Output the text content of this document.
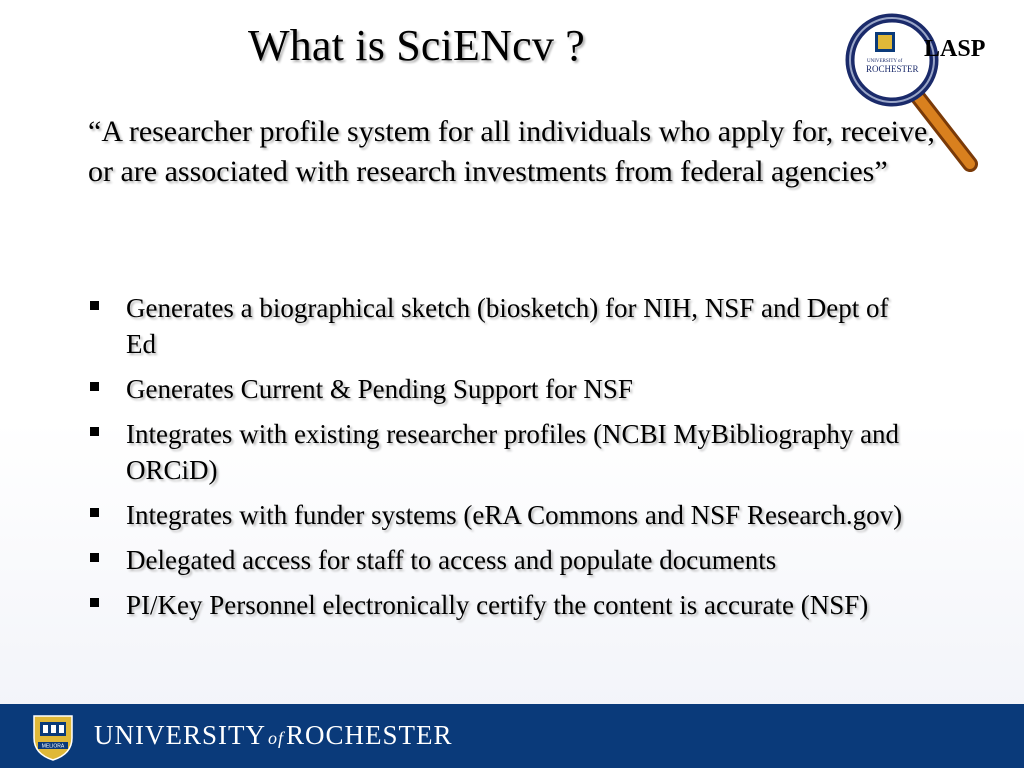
What is SciENcv ?
“A researcher profile system for all individuals who apply for, receive, or are associated with research investments from federal agencies”
Generates a biographical sketch (biosketch) for NIH, NSF and Dept of Ed
Generates Current & Pending Support for NSF
Integrates with existing researcher profiles (NCBI MyBibliography and ORCiD)
Integrates with funder systems (eRA Commons and NSF Research.gov)
Delegated access for staff to access and populate documents
PI/Key Personnel electronically certify the content is accurate (NSF)
UNIVERSITY of
ROCHESTER
LASP
MELIORA UNIVERSITY ofROCHESTER
